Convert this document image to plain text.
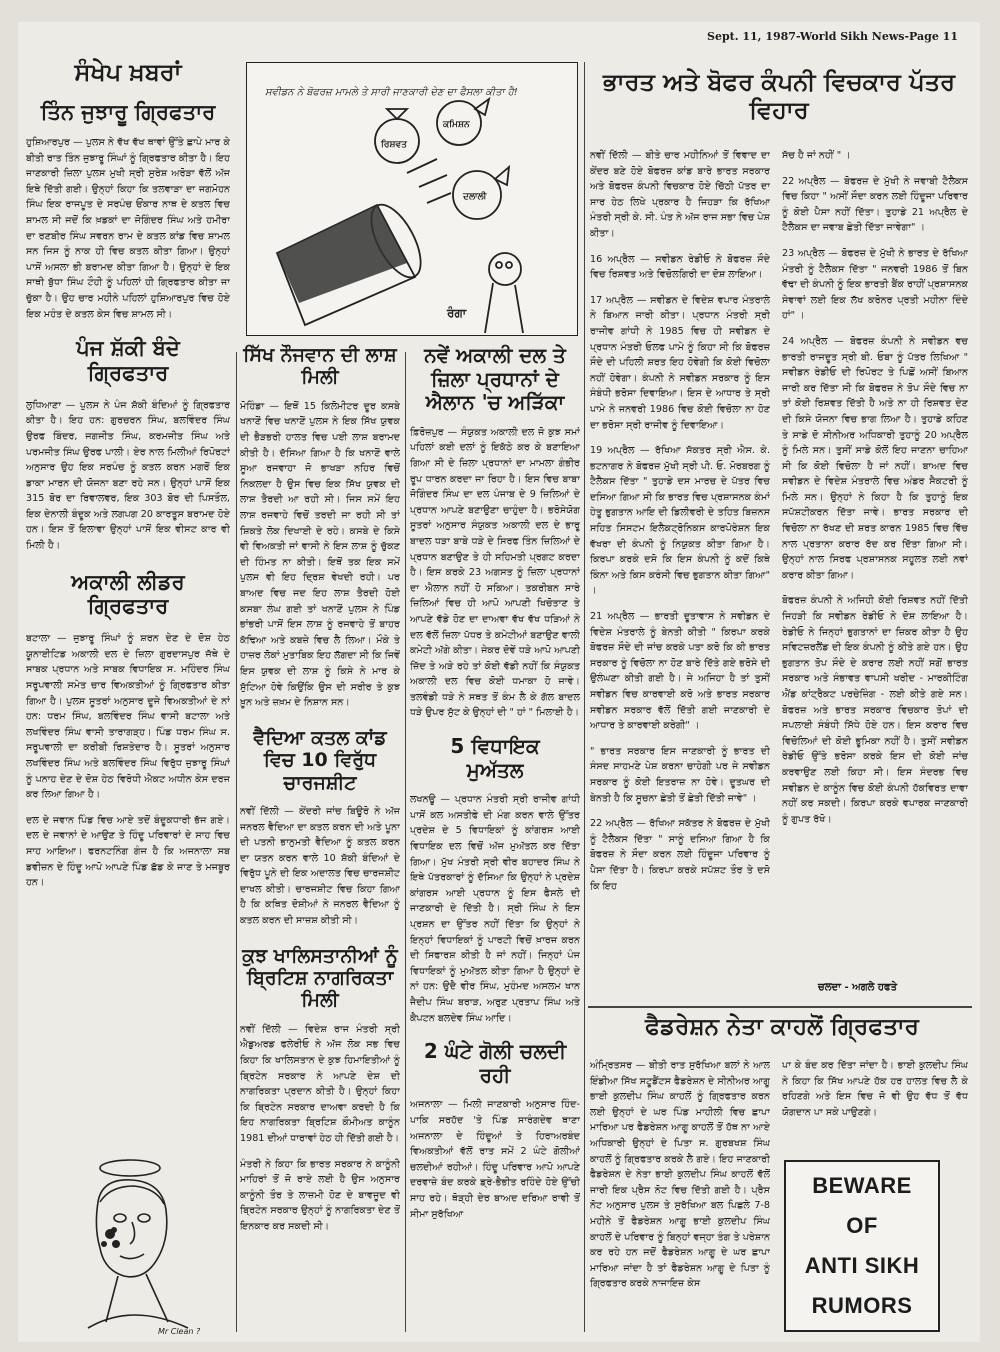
Sept. 11, 1987-World Sikh News-Page 11
ਸੰਖੇਪ ਖ਼ਬਰਾਂ
ਤਿੰਨ ਜੁਝਾਰੂ ਗ੍ਰਿਫਤਾਰ

ਹੁਸ਼ਿਆਰਪੁਰ — ਪੁਲਸ ਨੇ ਵੱਖ ਵੱਖ ਥਾਵਾਂ ਉੱਤੇ ਛਾਪੇ ਮਾਰ ਕੇ ਬੀਤੀ ਰਾਤ ਤਿੰਨ ਜੁਝਾਰੂ ਸਿੰਘਾਂ ਨੂੰ ਗ੍ਰਿਫਤਾਰ ਕੀਤਾ ਹੈ। ਇਹ ਜਾਣਕਾਰੀ ਜ਼ਿਲਾ ਪੁਲਸ ਮੁਖੀ ਸ੍ਰੀ ਸੁਰੇਸ਼ ਅਰੋੜਾ ਵੱਲੋਂ ਅੱਜ ਇਥੇ ਦਿੱਤੀ ਗਈ। ਉਨ੍ਹਾਂ ਕਿਹਾ ਕਿ ਤਲਵਾੜਾ ਦਾ ਜਗਮੋਹਨ ਸਿੰਘ ਇਕ ਰਾਜਪੂਤ ਦੇ ਸਰਪੰਚ ਓਂਕਾਰ ਨਾਥ ਦੇ ਕਤਲ ਵਿਚ ਸ਼ਾਮਲ ਸੀ ਜਦੋਂ ਕਿ ਖ਼ਡਕਾਂ ਦਾ ਜੋਗਿੰਦਰ ਸਿੰਘ ਅਤੇ ਹਮੀਰਾ ਦਾ ਰਣਬੀਰ ਸਿੰਘ ਸਵਰਨ ਰਾਮ ਦੇ ਕਤਲ ਕਾਂਡ ਵਿਚ ਸ਼ਾਮਲ ਸਨ ਜਿਸ ਨੂੰ ਨਾਕ ਹੀ ਵਿਚ ਕਤਲ ਕੀਤਾ ਗਿਆ। ਉਨ੍ਹਾਂ ਪਾਸੋਂ ਅਸਲਾ ਭੀ ਬਰਾਮਦ ਕੀਤਾ ਗਿਆ ਹੈ। ਉਨ੍ਹਾਂ ਦੇ ਇਕ ਸਾਥੀ ਬੁੱਧਾ ਸਿੰਘ ਟੌਹੀ ਨੂੰ ਪਹਿਲਾਂ ਹੀ ਗ੍ਰਿਫਤਾਰ ਕੀਤਾ ਜਾ ਚੁੱਕਾ ਹੈ। ਉਹ ਚਾਰ ਮਹੀਨੇ ਪਹਿਲਾਂ ਹੁਸ਼ਿਆਰਪੁਰ ਵਿਚ ਹੋਏ ਇਕ ਮਹੰਤ ਦੇ ਕਤਲ ਕੇਸ ਵਿਚ ਸ਼ਾਮਲ ਸੀ।

ਪੰਜ ਸ਼ੱਕੀ ਬੰਦੇ ਗ੍ਰਿਫਤਾਰ

ਲੁਧਿਆਣਾ — ਪੁਲਸ ਨੇ ਪੰਜ ਸ਼ੱਕੀ ਬੰਦਿਆਂ ਨੂੰ ਗ੍ਰਿਫਤਾਰ ਕੀਤਾ ਹੈ। ਇਹ ਹਨ: ਗੁਰਚਰਨ ਸਿੰਘ, ਬਲਵਿੰਦਰ ਸਿੰਘ ਉਰਫ ਬਿੰਦਰ, ਜਗਜੀਤ ਸਿੰਘ, ਕਰਮਜੀਤ ਸਿੰਘ ਅਤੇ ਪਰਮਜੀਤ ਸਿੰਘ ਉਰਫ ਪਾਲੀ। ਏਰ ਨਾਲ ਮਿਲੀਆਂ ਰਿਪੋਰਟਾਂ ਅਨੁਸਾਰ ਉਹ ਇਕ ਸਰਪੰਚ ਨੂੰ ਕਤਲ ਕਰਨ ਮਗਰੋਂ ਇਕ ਡਾਕਾ ਮਾਰਨ ਦੀ ਯੋਜਨਾ ਬਣਾ ਰਹੇ ਸਨ। ਉਨ੍ਹਾਂ ਪਾਸੋਂ ਇਕ 315 ਬੋਰ ਦਾ ਰਿਵਾਲਵਰ, ਇਕ 303 ਬੋਰ ਦੀ ਪਿਸਤੌਲ, ਇਕ ਦੇਨਾਲੀ ਬੰਦੂਕ ਅਤੇ ਲਗਪਗ 20 ਕਾਰਤੂਸ ਬਰਾਮਦ ਹੋਏ ਹਨ। ਇਸ ਤੋਂ ਇਲਾਵਾ ਉਨ੍ਹਾਂ ਪਾਸੋਂ ਇਕ ਵੀਸਟ ਕਾਰ ਵੀ ਮਿਲੀ ਹੈ।

ਅਕਾਲੀ ਲੀਡਰ ਗ੍ਰਿਫਤਾਰ

ਬਟਾਲਾ — ਜੁਝਾਰੂ ਸਿੰਘਾਂ ਨੂੰ ਸ਼ਰਨ ਦੇਣ ਦੇ ਦੋਸ਼ ਹੇਠ ਯੂਨਾਈਟਿਡ ਅਕਾਲੀ ਦਲ ਦੇ ਜ਼ਿਲਾ ਗੁਰਦਾਸਪੁਰ ਜੱਥੇ ਦੇ ਸਾਬਕ ਪ੍ਰਧਾਨ ਅਤੇ ਸਾਬਕ ਵਿਧਾਇਕ ਸ. ਮਹਿੰਦਰ ਸਿੰਘ ਸਰੂਪਵਾਲੀ ਸਮੇਤ ਚਾਰ ਵਿਅਕਤੀਆਂ ਨੂੰ ਗ੍ਰਿਫਤਾਰ ਕੀਤਾ ਗਿਆ ਹੈ। ਪੁਲਸ ਸੂਤਰਾਂ ਅਨੁਸਾਰ ਦੂਜੇ ਵਿਅਕਤੀਆਂ ਦੇ ਨਾਂ ਹਨ: ਧਰਮ ਸਿੰਘ, ਬਲਵਿੰਦਰ ਸਿੰਘ ਵਾਸੀ ਬਟਾਲਾ ਅਤੇ ਲਖਵਿੰਦਰ ਸਿੰਘ ਵਾਸੀ ਤਾਰਾਗੜ੍ਹ। ਪਿੰਡ ਧਰਮ ਸਿੰਘ ਸ. ਸਰੂਪਵਾਲੀ ਦਾ ਕਰੀਬੀ ਰਿਸ਼ਤੇਦਾਰ ਹੈ। ਸੂਤਰਾਂ ਅਨੁਸਾਰ ਲਖਵਿੰਦਰ ਸਿੰਘ ਅਤੇ ਬਲਵਿੰਦਰ ਸਿੰਘ ਵਿਰੁੱਧ ਜੁਝਾਰੂ ਸਿੰਘਾਂ ਨੂੰ ਪਨਾਹ ਦੇਣ ਦੇ ਦੋਸ਼ ਹੇਠ ਵਿਰੋਧੀ ਐਕਟ ਅਧੀਨ ਕੇਸ ਦਰਜ ਕਰ ਲਿਆ ਗਿਆ ਹੈ।

ਦਲ ਦੇ ਜਵਾਨ ਪਿੰਡ ਵਿਚ ਆਏ ਤਦੋਂ ਬੰਦੂਕਧਾਰੀ ਭੱਜ ਗਏ। ਦਲ ਦੇ ਜਵਾਨਾਂ ਦੇ ਆਉਣ ਤੇ ਹਿੰਦੂ ਪਰਿਵਾਰਾਂ ਦੇ ਸਾਹ ਵਿਚ ਸਾਹ ਆਇਆ। ਫਰਨਟਨਿੰਗ ਗੰਜ ਹੈ ਕਿ ਅਜਨਾਲਾ ਸਬ ਡਵੀਜ਼ਨ ਦੇ ਹਿੰਦੂ ਆਪੋ ਆਪਣੇ ਪਿੰਡ ਛੱਡ ਕੇ ਜਾਣ ਤੇ ਮਜਬੂਰ ਹਨ।

Mr Clean ?
ਸਵੀਡਨ ਨੇ ਬੋਫਰਜ਼ ਮਾਮਲੇ ਤੇ ਸਾਰੀ ਜਾਣਕਾਰੀ ਦੇਣ ਦਾ ਫੈਸਲਾ ਕੀਤਾ ਹੈ!
ਰਿਸ਼ਵਤ
ਕਮਿਸ਼ਨ
ਦਲਾਲੀ
ਰੰਗਾ
ਸਿੱਖ ਨੌਜਵਾਨ ਦੀ ਲਾਸ਼ ਮਿਲੀ

ਮੋਹਿੰਡਾ — ਇਥੋਂ 15 ਕਿਲੋਮੀਟਰ ਦੂਰ ਕਸਬੇ ਖਨਾਣੋਂ ਵਿਚ ਖਨਾਣੋਂ ਪੁਲਸ ਨੇ ਇਕ ਸਿੱਖ ਯੁਵਕ ਦੀ ਭੈੜਭਰੀ ਹਾਲਤ ਵਿਚ ਪਈ ਲਾਸ਼ ਬਰਾਮਦ ਕੀਤੀ ਹੈ। ਦੱਸਿਆ ਗਿਆ ਹੈ ਕਿ ਖਨਾਣੋਂ ਵਾਲੇ ਸੂਆ ਰਜਵਾਹਾ ਜੋ ਭਾਖੜਾ ਨਹਿਰ ਵਿਚੋਂ ਨਿਕਲਦਾ ਹੈ ਉਸ ਵਿਚ ਇਕ ਸਿੱਖ ਯੁਵਕ ਦੀ ਲਾਸ਼ ਤੈਰਦੀ ਆ ਰਹੀ ਸੀ। ਜਿਸ ਸਮੇਂ ਇਹ ਲਾਸ਼ ਰਜਵਾਹੇ ਵਿਚੋਂ ਤਰਦੀ ਜਾ ਰਹੀ ਸੀ ਤਾਂ ਸ਼ਿਕਤੇ ਲੋਕ ਦਿਖਾਈ ਦੇ ਰਹੇ। ਕਸਬੇ ਦੇ ਕਿਸੇ ਵੀ ਵਿਅਕਤੀ ਜਾਂ ਵਾਸੀ ਨੇ ਇਸ ਲਾਸ਼ ਨੂੰ ਚੁੱਕਣ ਦੀ ਹਿੰਮਤ ਨਾ ਕੀਤੀ। ਇਥੋਂ ਤਕ ਇਕ ਸਮੇਂ ਪੁਲਸ ਵੀ ਇਹ ਦ੍ਰਿਸ਼ ਵੇਖਦੀ ਰਹੀ। ਪਰ ਬਾਅਦ ਵਿਚ ਜਦ ਇਹ ਲਾਸ਼ ਤੈਰਦੀ ਹੋਈ ਕਸਬਾ ਲੰਘ ਗਈ ਤਾਂ ਖਨਾਣੋਂ ਪੁਲਸ ਨੇ ਪਿੰਡ ਭਾਂਭਰੀ ਪਾਸੋਂ ਇਸ ਲਾਸ਼ ਨੂੰ ਰਜਵਾਹੇ ਤੋਂ ਬਾਹਰ ਕੱਢਿਆ ਅਤੇ ਕਬਜ਼ੇ ਵਿਚ ਲੈ ਲਿਆ। ਮੌਕੇ ਤੇ ਹਾਜ਼ਰ ਲੋਕਾਂ ਮੁਤਾਬਿਕ ਇਹ ਲੱਗਦਾ ਸੀ ਕਿ ਜਿਵੇਂ ਇਸ ਯੁਵਕ ਦੀ ਲਾਸ਼ ਨੂੰ ਕਿਸੇ ਨੇ ਮਾਰ ਕੇ ਸੁੱਟਿਆ ਹੋਵੇ ਕਿਉਂਕਿ ਉਸ ਦੀ ਸਰੀਰ ਤੇ ਕੁਝ ਖ਼ੂਨ ਅਤੇ ਜ਼ਖ਼ਮ ਦੇ ਨਿਸ਼ਾਨ ਸਨ।

ਵੈਦਿਆ ਕਤਲ ਕਾਂਡ ਵਿਚ 10 ਵਿਰੁੱਧ ਚਾਰਜਸ਼ੀਟ

ਨਵੀਂ ਦਿੱਲੀ — ਕੇਂਦਰੀ ਜਾਂਚ ਬਿਊਰੋ ਨੇ ਅੱਜ ਜਨਰਲ ਵੈਦਿਆ ਦਾ ਕਤਲ ਕਰਨ ਦੀ ਅਤੇ ਪੂਨਾ ਦੀ ਪਤਨੀ ਭਾਨੁਮਤੀ ਵੈਦਿਆ ਨੂੰ ਕਤਲ ਕਰਨ ਦਾ ਯਤਨ ਕਰਨ ਵਾਲੇ 10 ਸ਼ੱਕੀ ਬੰਦਿਆਂ ਦੇ ਵਿਰੁੱਧ ਪੂਨੇ ਦੀ ਇਕ ਅਦਾਲਤ ਵਿਚ ਚਾਰਜਸ਼ੀਟ ਦਾਖਲ ਕੀਤੀ। ਚਾਰਜਸ਼ੀਟ ਵਿਚ ਕਿਹਾ ਗਿਆ ਹੈ ਕਿ ਕਥਿਤ ਦੋਸ਼ੀਆਂ ਨੇ ਜਨਰਲ ਵੈਦਿਆ ਨੂੰ ਕਤਲ ਕਰਨ ਦੀ ਸਾਜ਼ਸ਼ ਕੀਤੀ ਸੀ।

ਕੁਝ ਖਾਲਿਸਤਾਨੀਆਂ ਨੂੰ ਬ੍ਰਿਟਿਸ਼ ਨਾਗਰਿਕਤਾ ਮਿਲੀ

ਨਵੀਂ ਦਿੱਲੀ — ਵਿਦੇਸ਼ ਰਾਜ ਮੰਤਰੀ ਸ੍ਰੀ ਐਡੁਅਰਡ ਫਲੇਰੀਓ ਨੇ ਅੱਜ ਲੋਕ ਸਭ ਵਿਚ ਕਿਹਾ ਕਿ ਖਾਲਿਸਤਾਨ ਦੇ ਕੁਝ ਹਿਮਾਇਤੀਆਂ ਨੂੰ ਬ੍ਰਿਟੇਨ ਸਰਕਾਰ ਨੇ ਆਪਣੇ ਦੇਸ਼ ਦੀ ਨਾਗਰਿਕਤਾ ਪ੍ਰਦਾਨ ਕੀਤੀ ਹੈ। ਉਨ੍ਹਾਂ ਕਿਹਾ ਕਿ ਬ੍ਰਿਟੇਨ ਸਰਕਾਰ ਦਾਅਵਾ ਕਰਦੀ ਹੈ ਕਿ ਇਹ ਨਾਗਰਿਕਤਾ ਬ੍ਰਿਟਿਸ਼ ਕੌਮੀਅਤ ਕਾਨੂੰਨ 1981 ਦੀਆਂ ਧਾਰਾਵਾਂ ਹੇਠ ਹੀ ਦਿੱਤੀ ਗਈ ਹੈ।

ਮੰਤਰੀ ਨੇ ਕਿਹਾ ਕਿ ਭਾਰਤ ਸਰਕਾਰ ਨੇ ਕਾਨੂੰਨੀ ਮਾਹਿਰਾਂ ਤੋਂ ਜੋ ਰਾਏ ਲਈ ਹੈ ਉਸ ਅਨੁਸਾਰ ਕਾਨੂੰਨੀ ਤੌਰ ਤੇ ਲਾਜ਼ਮੀ ਹੋਣ ਦੇ ਬਾਵਜੂਦ ਵੀ ਬ੍ਰਿਟੇਨ ਸਰਕਾਰ ਉਨ੍ਹਾਂ ਨੂੰ ਨਾਗਰਿਕਤਾ ਦੇਣ ਤੋਂ ਇਨਕਾਰ ਕਰ ਸਕਦੀ ਸੀ।

ਨਵੇਂ ਅਕਾਲੀ ਦਲ ਤੇ ਜ਼ਿਲਾ ਪ੍ਰਧਾਨਾਂ ਦੇ ਐਲਾਨ 'ਚ ਅੜਿੱਕਾ

ਫ਼ਿਰੋਜ਼ਪੁਰ — ਸੰਯੁਕਤ ਅਕਾਲੀ ਦਲ ਜੋ ਕੁਝ ਸਮਾਂ ਪਹਿਲਾਂ ਕਈ ਦਲਾਂ ਨੂੰ ਇਕੱਠੇ ਕਰ ਕੇ ਬਣਾਇਆ ਗਿਆ ਸੀ ਦੇ ਜ਼ਿਲਾ ਪ੍ਰਧਾਨਾਂ ਦਾ ਮਾਮਲਾ ਗੰਭੀਰ ਰੂਪ ਧਾਰਨ ਕਰਦਾ ਜਾ ਰਿਹਾ ਹੈ। ਇਸ ਵਿਚ ਬਾਬਾ ਜੋਗਿੰਦਰ ਸਿੰਘ ਦਾ ਦਲ ਪੰਜਾਬ ਦੇ 9 ਜ਼ਿਲਿਆਂ ਦੇ ਪ੍ਰਧਾਨ ਆਪਣੇ ਬਣਾਉਣਾ ਚਾਹੁੰਦਾ ਹੈ। ਭਰੋਸੇਯੋਗ ਸੂਤਰਾਂ ਅਨੁਸਾਰ ਸੰਯੁਕਤ ਅਕਾਲੀ ਦਲ ਦੇ ਭਾਰੂ ਬਾਦਲ ਧੜਾ ਬਾਬੇ ਧੜੇ ਦੇ ਸਿਰਫ ਤਿੰਨ ਜ਼ਿਲਿਆਂ ਦੇ ਪ੍ਰਧਾਨ ਬਣਾਉਣ ਤੇ ਹੀ ਸਹਿਮਤੀ ਪ੍ਰਗਟ ਕਰਦਾ ਹੈ। ਇਸ ਕਰਕੇ 23 ਅਗਸਤ ਨੂੰ ਜ਼ਿਲਾ ਪ੍ਰਧਾਨਾਂ ਦਾ ਐਲਾਨ ਨਹੀਂ ਹੋ ਸਕਿਆ। ਤਕਰੀਬਨ ਸਾਰੇ ਜ਼ਿਲਿਆਂ ਵਿਚ ਹੀ ਆਪੋ ਆਪਣੀ ਖਿਚੋਤਾਣ ਤੇ ਆਪਣੇ ਵੱਡੇ ਹੋਣ ਦਾ ਦਾਅਵਾ ਵੱਖ ਵੱਖ ਧੜਿਆਂ ਨੇ ਦਲ ਵੱਲੋਂ ਜ਼ਿਲਾ ਪੱਧਰ ਤੇ ਕਮੇਟੀਆਂ ਬਣਾਉਣ ਵਾਲੀ ਕਮੇਟੀ ਅੱਗੇ ਕੀਤਾ। ਜੇਕਰ ਦੋਵੇਂ ਧੜੇ ਆਪੋ ਆਪਣੀ ਜ਼ਿੱਦ ਤੇ ਅੜੇ ਰਹੇ ਤਾਂ ਕੋਈ ਵੱਡੀ ਨਹੀਂ ਕਿ ਸੰਯੁਕਤ ਅਕਾਲੀ ਦਲ ਵਿਚ ਕੋਈ ਧਮਾਕਾ ਹੋ ਜਾਵੇ। ਤਲਵੰਡੀ ਧੜੇ ਨੇ ਸਥਤ ਤੋਂ ਕੰਮ ਲੈ ਕੇ ਗੱਲ ਬਾਦਲ ਧੜੇ ਉਪਰ ਸੁੱਟ ਕੇ ਉਨ੍ਹਾਂ ਦੀ " ਹਾਂ " ਮਿਲਾਈ ਹੈ।

5 ਵਿਧਾਇਕ ਮੁਅੱਤਲ

ਲਖਨਊ — ਪ੍ਰਧਾਨ ਮੰਤਰੀ ਸ੍ਰੀ ਰਾਜੀਵ ਗਾਂਧੀ ਪਾਸੋਂ ਕਲ ਅਸਤੀਫੇ ਦੀ ਮੰਗ ਕਰਨ ਵਾਲੇ ਉੱਤਰ ਪ੍ਰਦੇਸ਼ ਦੇ 5 ਵਿਧਾਇਕਾਂ ਨੂੰ ਕਾਂਗਰਸ ਆਈ ਵਿਧਾਇਕ ਦਲ ਵਿਚੋਂ ਅੱਜ ਮੁਅੱਤਲ ਕਰ ਦਿੱਤਾ ਗਿਆ। ਮੁੱਖ ਮੰਤਰੀ ਸ੍ਰੀ ਵੀਰ ਬਹਾਦਰ ਸਿੰਘ ਨੇ ਇਥੇ ਪੱਤਰਕਾਰਾਂ ਨੂੰ ਦੱਸਿਆ ਕਿ ਉਨ੍ਹਾਂ ਨੇ ਪ੍ਰਦੇਸ਼ ਕਾਂਗਰਸ ਆਈ ਪ੍ਰਧਾਨ ਨੂੰ ਇਸ ਫੈਸਲੇ ਦੀ ਜਾਣਕਾਰੀ ਦੇ ਦਿੱਤੀ ਹੈ। ਸ੍ਰੀ ਸਿੰਘ ਨੇ ਇਸ ਪ੍ਰਸ਼ਨ ਦਾ ਉੱਤਰ ਨਹੀਂ ਦਿੱਤਾ ਕਿ ਉਨ੍ਹਾਂ ਨੇ ਇਨ੍ਹਾਂ ਵਿਧਾਇਕਾਂ ਨੂੰ ਪਾਰਟੀ ਵਿਚੋਂ ਖ਼ਾਰਜ ਕਰਨ ਦੀ ਸਿਫਾਰਸ਼ ਕੀਤੀ ਹੈ ਜਾਂ ਨਹੀਂ। ਜਿਨ੍ਹਾਂ ਪੰਜ ਵਿਧਾਇਕਾਂ ਨੂੰ ਮੁਅੱਤਲ ਕੀਤਾ ਗਿਆ ਹੈ ਉਨ੍ਹਾਂ ਦੇ ਨਾਂ ਹਨ: ਉਦੈ ਵੀਰ ਸਿੰਘ, ਮੁਹੰਮਦ ਅਸਲਮ ਖਾਨ ਜੈਦੀਪ ਸਿੰਘ ਬਰਾੜ, ਅਰੁਣ ਪ੍ਰਤਾਪ ਸਿੰਘ ਅਤੇ ਕੈਪਟਨ ਬਲਦੇਵ ਸਿੰਘ ਆਦਿ।

2 ਘੰਟੇ ਗੋਲੀ ਚਲਦੀ ਰਹੀ

ਅਜਨਾਲਾ — ਮਿਲੀ ਜਾਣਕਾਰੀ ਅਨੁਸਾਰ ਹਿੰਦ-ਪਾਕਿ ਸਰਹੱਦ 'ਤੇ ਪਿੰਡ ਸਾਰੰਗਦੇਵ ਥਾਣਾ ਅਜਨਾਲਾ ਦੇ ਹਿੰਦੂਆਂ ਤੇ ਹਿਰਾਅਰਬੰਦ ਵਿਅਕਤੀਆਂ ਵੱਲੋਂ ਰਾਤ ਸਮੇਂ 2 ਘੰਟੇ ਗੋਲੀਆਂ ਚਲਦੀਆਂ ਰਹੀਆਂ। ਹਿੰਦੂ ਪਰਿਵਾਰ ਆਪੋ ਆਪਣੇ ਦਰਵਾਜ਼ੇ ਬੰਦ ਕਰਕੇ ਡ੍ਰੇ-ਭੈਭੀਤ ਰਹਿੰਦੇ ਹੋਏ ਉੱਚੀ ਸਾਹ ਰਹੇ। ਥੋੜ੍ਹੀ ਦੇਰ ਬਾਅਦ ਦਰਿਆ ਰਾਵੀ ਤੋਂ ਸੀਮਾ ਸੁਰੱਖਿਆ

ਭਾਰਤ ਅਤੇ ਬੋਫਰ ਕੰਪਨੀ ਵਿਚਕਾਰ ਪੱਤਰ ਵਿਹਾਰ

ਨਵੀਂ ਦਿੱਲੀ — ਬੀਤੇ ਚਾਰ ਮਹੀਨਿਆਂ ਤੋਂ ਵਿਵਾਦ ਦਾ ਕੇਂਦਰ ਬਣੇ ਹੋਏ ਬੋਫਰਜ਼ ਕਾਂਡ ਬਾਰੇ ਭਾਰਤ ਸਰਕਾਰ ਅਤੇ ਬੋਫਰਜ਼ ਕੰਪਨੀ ਵਿਚਕਾਰ ਹੋਏ ਚਿੱਠੀ ਪੱਤਰ ਦਾ ਸਾਰ ਹੇਠ ਲਿਖੇ ਪ੍ਰਕਾਰ ਹੈ ਜਿਹੜਾ ਕਿ ਰੱਖਿਆ ਮੰਤਰੀ ਸ੍ਰੀ ਕੇ. ਸੀ. ਪੰਤ ਨੇ ਅੱਜ ਰਾਜ ਸਭਾ ਵਿਚ ਪੇਸ਼ ਕੀਤਾ।

16 ਅਪ੍ਰੈਲ — ਸਵੀਡਨ ਰੇਡੀਓ ਨੇ ਬੋਫਰਜ਼ ਸੌਦੇ ਵਿਚ ਰਿਸ਼ਵਤ ਅਤੇ ਵਿਚੋਲਗਿਰੀ ਦਾ ਦੋਸ਼ ਲਾਇਆ।

17 ਅਪ੍ਰੈਲ — ਸਵੀਡਨ ਦੇ ਵਿਦੇਸ਼ ਵਪਾਰ ਮੰਤਰਾਲੇ ਨੇ ਬਿਆਨ ਜਾਰੀ ਕੀਤਾ। ਪ੍ਰਧਾਨ ਮੰਤਰੀ ਸ੍ਰੀ ਰਾਜੀਵ ਗਾਂਧੀ ਨੇ 1985 ਵਿਚ ਹੀ ਸਵੀਡਨ ਦੇ ਪ੍ਰਧਾਨ ਮੰਤਰੀ ਓਲਫ ਪਾਮੇ ਨੂੰ ਕਿਹਾ ਸੀ ਕਿ ਬੋਫਰਜ਼ ਸੌਦੇ ਦੀ ਪਹਿਲੀ ਸ਼ਰਤ ਇਹ ਹੋਵੇਗੀ ਕਿ ਕੋਈ ਵਿਚੋਲਾ ਨਹੀਂ ਹੋਵੇਗਾ। ਕੰਪਨੀ ਨੇ ਸਵੀਡਨ ਸਰਕਾਰ ਨੂੰ ਇਸ ਸੰਬੰਧੀ ਭਰੋਸਾ ਦਿਵਾਇਆ। ਇਸ ਦੇ ਆਧਾਰ ਤੇ ਸ੍ਰੀ ਪਾਮੇ ਨੇ ਜਨਵਰੀ 1986 ਵਿਚ ਕੋਈ ਵਿਚੋਲਾ ਨਾ ਹੋਣ ਦਾ ਭਰੋਸਾ ਸ੍ਰੀ ਰਾਜੀਵ ਨੂੰ ਦਿਵਾਇਆ।

19 ਅਪ੍ਰੈਲ — ਰੱਖਿਆ ਸੱਕਤਰ ਸ੍ਰੀ ਐਸ. ਕੇ. ਭਟਨਾਗਰ ਨੇ ਬੋਫਰਜ਼ ਮੁੱਖੀ ਸ੍ਰੀ ਪੀ. ਓ. ਮੋਰਬਰਗ ਨੂੰ ਟੈਲੈਕਸ ਦਿੱਤਾ " ਤੁਹਾਡੇ ਦਸ ਮਾਰਚ ਦੇ ਪੱਤਰ ਵਿਚ ਦਸਿਆ ਗਿਆ ਸੀ ਕਿ ਭਾਰਤ ਵਿਚ ਪ੍ਰਸ਼ਾਸਨਕ ਕੰਮਾਂ ਹੇਤੂ ਭੁਗਤਾਨ ਆਇ ਦੀ ਡਿਲੀਵਰੀ ਦੇ ਤਹਿਤ ਬਿਜ਼ਨਸ ਸਹਿਤ ਸਿਸਟਮ ਇਲੈਕਟ੍ਰੋਨਿਕਸ ਕਾਰਪੋਰੇਸ਼ਨ ਇਕ ਵੱਖਰਾ ਦੀ ਕੰਪਨੀ ਨੂੰ ਨਿਯੁਕਤ ਕੀਤਾ ਗਿਆ ਹੈ। ਕਿਰਪਾ ਕਰਕੇ ਦਸੋ ਕਿ ਇਸ ਕੰਪਨੀ ਨੂੰ ਕਦੋਂ ਕਿਥੇ ਕਿੰਨਾ ਅਤੇ ਕਿਸ ਕਰੰਸੀ ਵਿਚ ਭੁਗਤਾਨ ਕੀਤਾ ਗਿਆ" ।

21 ਅਪ੍ਰੈਲ — ਭਾਰਤੀ ਦੂਤਾਵਾਸ ਨੇ ਸਵੀਡਨ ਦੇ ਵਿਦੇਸ਼ ਮੰਤਰਾਲੇ ਨੂੰ ਬੇਨਤੀ ਕੀਤੀ " ਕਿਰਪਾ ਕਰਕੇ ਬੋਫਰਜ਼ ਸੌਦੇ ਦੀ ਜਾਂਚ ਕਰਕੇ ਪਤਾ ਕਰੋ ਕਿ ਕੀ ਭਾਰਤ ਸਰਕਾਰ ਨੂੰ ਵਿਚੋਲਾ ਨਾ ਹੋਣ ਬਾਰੇ ਦਿੱਤੇ ਗਏ ਭਰੋਸੇ ਦੀ ਉਲੰਘਣਾ ਕੀਤੀ ਗਈ ਹੈ। ਜੇ ਅਜਿਹਾ ਹੈ ਤਾਂ ਤੁਸੀਂ ਸਵੀਡਨ ਵਿਚ ਕਾਰਵਾਈ ਕਰੋ ਅਤੇ ਭਾਰਤ ਸਰਕਾਰ ਸਵੀਡਨ ਸਰਕਾਰ ਵੱਲੋਂ ਦਿੱਤੀ ਗਈ ਜਾਣਕਾਰੀ ਦੇ ਆਧਾਰ ਤੇ ਕਾਰਵਾਈ ਕਰੇਗੀ" ।

" ਭਾਰਤ ਸਰਕਾਰ ਇਸ ਜਾਣਕਾਰੀ ਨੂੰ ਭਾਰਤ ਦੀ ਸੰਸਦ ਸਾਹਮਣੇ ਪੇਸ਼ ਕਰਨਾ ਚਾਹੇਗੀ ਪਰ ਜੇ ਸਵੀਡਨ ਸਰਕਾਰ ਨੂੰ ਕੋਈ ਇਤਰਾਜ਼ ਨਾ ਹੋਵੇ। ਦੂਤਘਰ ਦੀ ਬੇਨਤੀ ਹੈ ਕਿ ਸੂਚਨਾ ਛੇਤੀ ਤੋਂ ਛੇਤੀ ਦਿੱਤੀ ਜਾਵੇ" ।

22 ਅਪ੍ਰੈਲ — ਰੱਖਿਆ ਸਕੱਤਰ ਨੇ ਬੋਫਰਜ਼ ਦੇ ਮੁੱਖੀ ਨੂੰ ਟੈਲੈਕਸ ਦਿੱਤਾ " ਸਾਨੂੰ ਦਸਿਆ ਗਿਆ ਹੈ ਕਿ ਬੋਫਰਜ਼ ਨੇ ਸੌਦਾ ਕਰਨ ਲਈ ਹਿੰਦੂਜਾ ਪਰਿਵਾਰ ਨੂੰ ਪੈਸਾ ਦਿੱਤਾ ਹੈ। ਕਿਰਪਾ ਕਰਕੇ ਸਪੱਸ਼ਟ ਤੌਰ ਤੇ ਦਸੋ ਕਿ ਇਹ

ਸੱਚ ਹੈ ਜਾਂ ਨਹੀਂ " ।

22 ਅਪ੍ਰੈਲ — ਬੋਫਰਜ਼ ਦੇ ਮੁੱਖੀ ਨੇ ਜਵਾਬੀ ਟੈਲੈਕਸ ਵਿਚ ਕਿਹਾ " ਅਸੀਂ ਸੌਦਾ ਕਰਨ ਲਈ ਹਿੰਦੂਜਾ ਪਰਿਵਾਰ ਨੂੰ ਕੋਈ ਪੈਸਾ ਨਹੀਂ ਦਿੱਤਾ। ਤੁਹਾਡੇ 21 ਅਪ੍ਰੈਲ ਦੇ ਟੈਲੈਕਸ ਦਾ ਜਵਾਬ ਛੇਤੀ ਦਿੱਤਾ ਜਾਵੇਗਾ" ।

23 ਅਪ੍ਰੈਲ — ਬੋਫਰਜ਼ ਦੇ ਮੁੱਖੀ ਨੇ ਭਾਰਤ ਦੇ ਰੱਖਿਆ ਮੰਤਰੀ ਨੂੰ ਟੈਲੈਕਸ ਦਿੱਤਾ " ਜਨਵਰੀ 1986 ਤੋਂ ਬਿਨ ਵੱਢਾ ਦੀ ਕੰਪਨੀ ਨੂੰ ਇਕ ਭਾਰਤੀ ਬੈਂਕ ਰਾਹੀਂ ਪ੍ਰਸ਼ਾਸਨਕ ਸੇਵਾਵਾਂ ਲਈ ਇਕ ਲੱਖ ਕਰੋਨਰ ਪ੍ਰਤੀ ਮਹੀਨਾ ਦਿੰਦੇ ਹਾਂ" ।

24 ਅਪ੍ਰੈਲ — ਬੋਫਰਜ਼ ਕੰਪਨੀ ਨੇ ਸਵੀਡਨ ਵਚ ਭਾਰਤੀ ਰਾਜਦੂਤ ਸ੍ਰੀ ਬੀ. ਓਬਾ ਨੂੰ ਪੱਤਰ ਲਿਖਿਆ " ਸਵੀਡਨ ਰੇਡੀਓ ਦੀ ਰਿਪੋਰਟ ਤੇ ਪਿਛੋਂ ਅਸੀਂ ਬਿਆਨ ਜਾਰੀ ਕਰ ਦਿੱਤਾ ਸੀ ਕਿ ਬੋਫਰਜ਼ ਨੇ ਤੋਪ ਸੌਦੇ ਵਿਚ ਨਾ ਤਾਂ ਕੋਈ ਰਿਸ਼ਵਤ ਦਿੱਤੀ ਹੈ ਅਤੇ ਨਾ ਹੀ ਰਿਸ਼ਵਤ ਦੇਣ ਦੀ ਕਿਸੇ ਯੋਜਨਾ ਵਿਚ ਭਾਗ ਲਿਆ ਹੈ। ਤੁਹਾਡੇ ਕਹਿਣ ਤੇ ਸਾਡੇ ਦੋ ਸੀਨੀਅਰ ਅਧਿਕਾਰੀ ਤੁਹਾਨੂੰ 20 ਅਪ੍ਰੈਲ ਨੂੰ ਮਿਲੇ ਸਨ। ਤੁਸੀਂ ਸਾਡੇ ਕੋਲੋਂ ਇਹ ਜਾਣਨਾ ਚਾਹਿਆ ਸੀ ਕਿ ਕੋਈ ਵਿਚੋਲਾ ਹੈ ਜਾਂ ਨਹੀਂ। ਬਾਅਦ ਵਿਚ ਸਵੀਡਨ ਦੇ ਵਿਦੇਸ਼ ਮੰਤਰਾਲੇ ਵਿਚ ਅੰਡਰ ਸੈਕਟਰੀ ਨੂੰ ਮਿਲੇ ਸਨ। ਉਨ੍ਹਾਂ ਨੇ ਕਿਹਾ ਹੈ ਕਿ ਤੁਹਾਨੂੰ ਇਕ ਸਪੱਸ਼ਟੀਕਰਨ ਦਿੱਤਾ ਜਾਵੇ। ਭਾਰਤ ਸਰਕਾਰ ਦੀ ਵਿਚੋਲਾ ਨਾ ਰੱਖਣ ਦੀ ਸ਼ਰਤ ਕਾਰਨ 1985 ਵਿਚ ਵਿੱਚ ਨਾਲ ਪ੍ਰਤਾਨਾ ਕਰਾਰ ਰੱਦ ਕਰ ਦਿੱਤਾ ਗਿਆ ਸੀ। ਉਨ੍ਹਾਂ ਨਾਲ ਸਿਰਫ ਪ੍ਰਸ਼ਾਸਨਕ ਸਹੂਲਤ ਲਈ ਨਵਾਂ ਕਰਾਰ ਕੀਤਾ ਗਿਆ।

ਬੋਫਰਜ਼ ਕੰਪਨੀ ਨੇ ਅਜਿਹੀ ਕੋਈ ਰਿਸ਼ਵਤ ਨਹੀਂ ਦਿੱਤੀ ਜਿਹੜੀ ਕਿ ਸਵੀਡਨ ਰੇਡੀਓ ਨੇ ਦੋਸ਼ ਲਾਇਆ ਹੈ। ਰੇਡੀਓ ਨੇ ਜਿਨ੍ਹਾਂ ਭੁਗਤਾਨਾਂ ਦਾ ਜ਼ਿਕਰ ਕੀਤਾ ਹੈ ਉਹ ਸਵਿਟਜ਼ਰਲੈਂਡ ਦੀ ਇਕ ਕੰਪਨੀ ਨੂੰ ਕੀਤੇ ਗਏ ਹਨ। ਉਹ ਭੁਗਤਾਨ ਤੋਪ ਸੌਦੇ ਦੇ ਕਰਾਰ ਲਈ ਨਹੀਂ ਸਗੋਂ ਭਾਰਤ ਸਰਕਾਰ ਅਤੇ ਸੰਭਾਵਤ ਵਾਪਸੀ ਖਰੀਦ - ਮਾਰਕੀਟਿੰਗ ਐਂਡ ਕਾਂਟ੍ਰੈਕਟ ਪਰਚੇਜ਼ਿੰਗ - ਲਈ ਕੀਤੇ ਗਏ ਸਨ। ਬੋਫਰਜ਼ ਅਤੇ ਭਾਰਤ ਸਰਕਾਰ ਵਿਚਕਾਰ ਤੋਪਾਂ ਦੀ ਸਪਲਾਈ ਸੰਬੰਧੀ ਸਿੱਧੇ ਹੋਏ ਹਨ। ਇਸ ਕਰਾਰ ਵਿਚ ਵਿਚੋਲਿਆਂ ਦੀ ਕੋਈ ਭੂਮਿਕਾ ਨਹੀਂ ਹੈ। ਤੁਸੀਂ ਸਵੀਡਨ ਰੇਡੀਓ ਉੱਤੇ ਭਰੋਸਾ ਕਰਕੇ ਇਸ ਦੀ ਕੋਈ ਜਾਂਚ ਕਰਵਾਉਣ ਲਈ ਕਿਹਾ ਸੀ। ਇਸ ਸੰਦਰਭ ਵਿਚ ਸਵੀਡਨ ਦੇ ਕਾਨੂੰਨ ਵਿਚ ਕੋਈ ਕੰਪਨੀ ਹੱਕਵਿਰਤ ਦਾਵਾ ਨਹੀਂ ਕਰ ਸਕਦੀ। ਕਿਰਪਾ ਕਰਕੇ ਵਪਾਰਕ ਜਾਣਕਾਰੀ ਨੂੰ ਗੁਪਤ ਰੱਖੋ।

ਚਲਦਾ - ਅਗਲੇ ਹਫਤੇ
ਫੈਡਰੇਸ਼ਨ ਨੇਤਾ ਕਾਹਲੋਂ ਗ੍ਰਿਫਤਾਰ

ਅੰਮ੍ਰਿਤਸਰ — ਬੀਤੀ ਰਾਤ ਸੁਰੱਖਿਆ ਬਲਾਂ ਨੇ ਆਲ ਇੰਡੀਆ ਸਿੱਖ ਸਟੂਡੈਂਟਸ ਫੈਡਰੇਸ਼ਨ ਦੇ ਸੀਨੀਅਰ ਆਗੂ ਭਾਈ ਕੁਲਦੀਪ ਸਿੰਘ ਕਾਹਲੋਂ ਨੂੰ ਗ੍ਰਿਫਤਾਰ ਕਰਨ ਲਈ ਉਨ੍ਹਾਂ ਦੇ ਘਰ ਪਿੰਡ ਮਾਹੀਲੀ ਵਿਚ ਛਾਪਾ ਮਾਰਿਆ ਪਰ ਫੈਡਰੇਸ਼ਨ ਆਗੂ ਕਾਹਲੋਂ ਤੋਂ ਹੱਥ ਨਾ ਆਏ ਅਧਿਕਾਰੀ ਉਨ੍ਹਾਂ ਦੇ ਪਿਤਾ ਸ. ਗੁਰਬਖਸ਼ ਸਿੰਘ ਕਾਹਲੋਂ ਨੂੰ ਗ੍ਰਿਫਤਾਰ ਕਰਕੇ ਲੈ ਗਏ। ਇਹ ਜਾਣਕਾਰੀ ਫੈਡਰੇਸ਼ਨ ਦੇ ਨੇਤਾ ਭਾਈ ਕੁਲਦੀਪ ਸਿੰਘ ਕਾਹਲੋਂ ਵੱਲੋਂ ਜਾਰੀ ਇਕ ਪ੍ਰੈਸ ਨੋਟ ਵਿਚ ਦਿੱਤੀ ਗਈ ਹੈ। ਪ੍ਰੈਸ ਨੋਟ ਅਨੁਸਾਰ ਪੁਲਸ ਤੇ ਸੁਰੱਖਿਆ ਬਲ ਪਿਛਲੇ 7-8 ਮਹੀਨੇ ਤੋਂ ਫੈਡਰੇਸ਼ਨ ਆਗੂ ਭਾਈ ਕੁਲਦੀਪ ਸਿੰਘ ਕਾਹਲੋਂ ਦੇ ਪਰਿਵਾਰ ਨੂੰ ਬਿਨ੍ਹਾਂ ਵਜ੍ਹਾ ਤੰਗ ਤੇ ਪਰੇਸ਼ਾਨ ਕਰ ਰਹੇ ਹਨ ਜਦੋਂ ਫੈਡਰੇਸ਼ਨ ਆਗੂ ਦੇ ਘਰ ਛਾਪਾ ਮਾਰਿਆ ਜਾਂਦਾ ਹੈ ਤਾਂ ਫੈਡਰੇਸ਼ਨ ਆਗੂ ਦੇ ਪਿਤਾ ਨੂੰ ਗ੍ਰਿਫਤਾਰ ਕਰਕੇ ਨਾਜਾਇਜ਼ ਕੇਸ

ਪਾ ਕੇ ਬੰਦ ਕਰ ਦਿੱਤਾ ਜਾਂਦਾ ਹੈ। ਭਾਈ ਕੁਲਦੀਪ ਸਿੰਘ ਨੇ ਕਿਹਾ ਕਿ ਸਿੱਖ ਆਪਣੇ ਹੱਕ ਹਰ ਹਾਲਤ ਵਿਚ ਲੈ ਕੇ ਰਹਿਣਗੇ ਅਤੇ ਇਸ ਵਿਚ ਜੋ ਵੀ ਉਹ ਵੱਧ ਤੋਂ ਵੱਧ ਯੋਗਦਾਨ ਪਾ ਸਕੇ ਪਾਉਣਗੇ।

BEWARE
OF
ANTI SIKH
RUMORS
